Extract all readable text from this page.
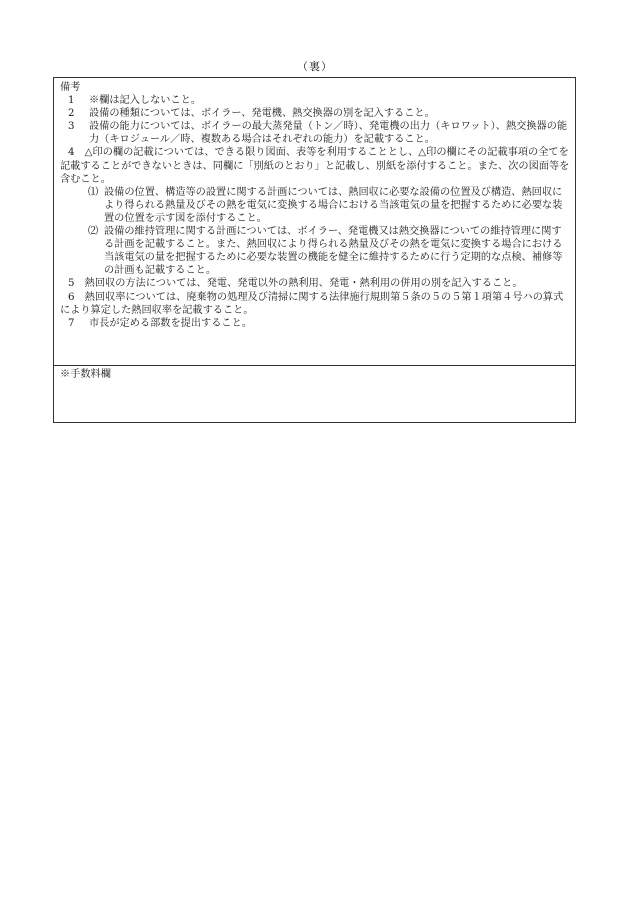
（裏）
備考
1	※欄は記入しないこと。
2	設備の種類については、ボイラー、発電機、熱交換器の別を記入すること。
3	設備の能力については、ボイラーの最大蒸発量（トン／時）、発電機の出力（キロワット）、熱交換器の能力（キロジュール／時、複数ある場合はそれぞれの能力）を記載すること。
4 △印の欄の記載については、できる限り図面、表等を利用することとし、△印の欄にその記載事項の全てを記載することができないときは、同欄に「別紙のとおり」と記載し、別紙を添付すること。また、次の図面等を含むこと。
⑴ 設備の位置、構造等の設置に関する計画については、熱回収に必要な設備の位置及び構造、熱回収により得られる熱量及びその熱を電気に変換する場合における当該電気の量を把握するために必要な装置の位置を示す図を添付すること。
⑵ 設備の維持管理に関する計画については、ボイラー、発電機又は熱交換器についての維持管理に関する計画を記載すること。また、熱回収により得られる熱量及びその熱を電気に変換する場合における当該電気の量を把握するために必要な装置の機能を健全に維持するために行う定期的な点検、補修等の計画も記載すること。
5 熱回収の方法については、発電、発電以外の熱利用、発電・熱利用の併用の別を記入すること。
6 熱回収率については、廃棄物の処理及び清掃に関する法律施行規則第５条の５の５第１項第４号ハの算式により算定した熱回収率を記載すること。
7	市長が定める部数を提出すること。
※手数料欄
